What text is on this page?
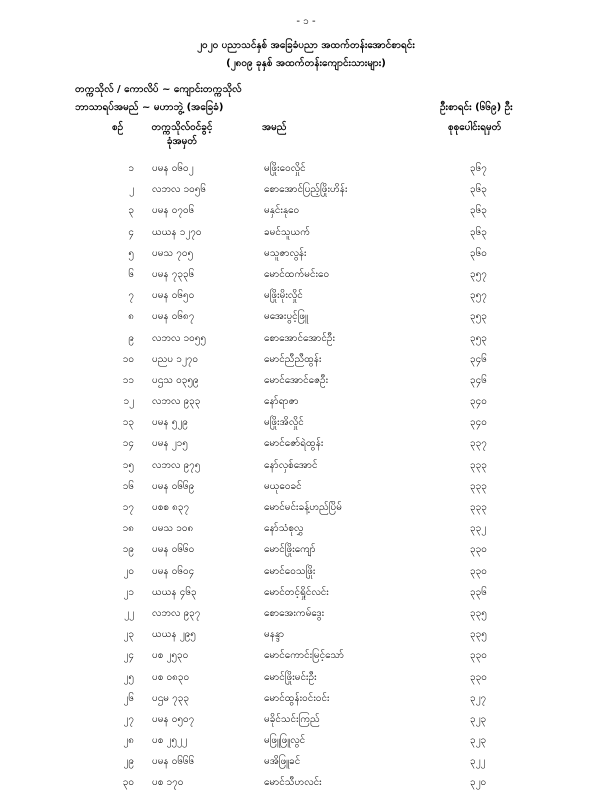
- ၁ -
၂၀၂၀ ပညာသင်နှစ် အခြေခံပညာ အထက်တန်းအောင်စာရင်း
(၂၈၀၉ ခုနှစ် အထက်တန်းကျောင်းသားများ)
တက္ကသိုလ် / ကောလိပ် ~ ကျောင်းတက္ကသိုလ်
ဘာသာရပ်အမည် ~ မဟာဘွဲ့ (အခြေခံ)	ဦးစာရင်း (၆၆၉) ဦး
စဉ်	တက္ကသိုလ်ဝင်ခွင့်
ခုံအမှတ်
အမည်	စုစုပေါင်းရမှတ်
၁ ပမန ၀၆၀၂	မဖြိုးဝေလှိုင်	၃၆၇
၂ လဘလ ၁၀၅၆	စောအောင်ပြည့်ဖြိုးဟိန်း	၃၆၃
၃ ပမန ၀၇၀၆	မနှင်းနုဝေ	၃၆၃
၄ ယယန ၁၂၇၀	ခမင်သူယက်	၃၆၃
၅ ပမသ ၇၀၅	မသူဇာလွန်း	၃၆၀
၆ ပမန ၇၃၃၆	မောင်ထက်မင်းဝေ	၃၅၇
၇ ပမန ၀၆၅၀	မဖြိုးမိုးလှိုင်	၃၅၇
၈ ပမန ၀၆၈၇	မအေးပွင့်ဖြူ	၃၅၃
၉ လဘလ ၁၀၅၅	စောအောင်အောင်ဦး	၃၅၃
၁၀ ပညပ ၁၂၇၀	မောင်ညီညီထွန်း	၃၄၆
၁၁ ပဌသ ၀၃၅၉	မောင်အောင်ဇေဦး	၃၄၆
၁၂ လဘလ ၉၃၃	နော်ရာဇာ	၃၄၀
၁၃ ပမန ၅၂၉	မဖြိုးအိလှိုင်	၃၄၀
၁၄ ပမန ၂၁၅	မောင်ဇော်ရဲထွန်း	၃၃၇
၁၅ လဘလ ၉၇၅	နော်လှစ်အောင်	၃၃၃
၁၆ ပမန ၀၆၆၉	မယုဝေခင်	၃၃၃
၁၇ ပစစ ၈၃၇	မောင်မင်းခန့်ဟည်ပြိမ်	၃၃၃
၁၈ ပမသ ၁၀၈	နော်သံစုလွှ	၃၃၂
၁၉ ပမန ၀၆၆၀	မောင်ဖြိုးကျော်	၃၃၀
၂၀ ပမန ၀၆၀၄	မောင်ဝေသဖြိုး	၃၃၀
၂၁ ယယန ၄၆၃	မောင်တင့်ရှိုင်လင်း	၃၃၆
၂၂ လဘလ ၉၃၇	စောအေးကမ်ဒွေး	၃၃၅
၂၃ ယယန ၂၉၅	မနန္ဒာ	၃၃၅
၂၄ ပစ ၂၅၃၀	မောင်ကောင်းမြင့်သော်	၃၃၀
၂၅ ပစ ၀၈၃၀	မောင်ဖြိုးမင်းဦး	၃၃၀
၂၆ ပဌမ ၇၃၃	မောင်ထွန်းဝင်းဝင်း	၃၂၇
၂၇ ပမန ၀၅၀၇	မခိုင်သင်းကြည်	၃၂၃
၂၈ ပစ ၂၅၂၂	မဖြူဖြူလွင်	၃၂၃
၂၉ ပမန ၀၆၆၆	မအိဖြူခင်	၃၂၂
၃၀ ပစ ၁၇၀	မောင်သီဟလင်း	၃၂၀
